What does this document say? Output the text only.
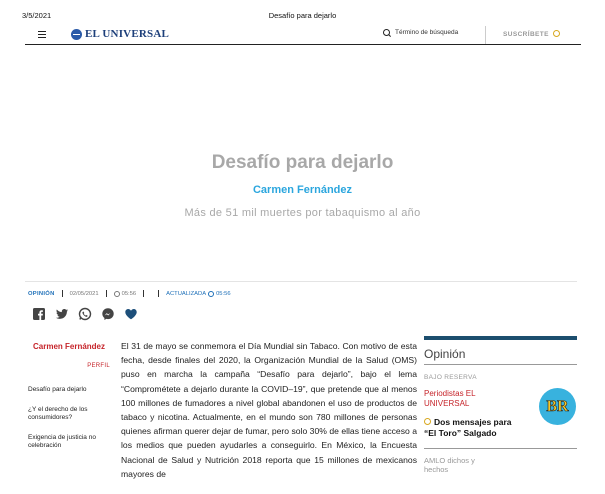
3/5/2021	Desafío para dejarlo
EL UNIVERSAL	Término de búsqueda	SUSCRÍBETE
Desafío para dejarlo
Carmen Fernández
Más de 51 mil muertes por tabaquismo al año
OPINIÓN	02/05/2021	05:56	ACTUALIZADA 05:56
Carmen Fernández
PERFIL
Desafío para dejarlo
¿Y el derecho de los consumidores?
Exigencia de justicia no celebración

El 31 de mayo se conmemora el Día Mundial sin Tabaco. Con motivo de esta fecha, desde finales del 2020, la Organización Mundial de la Salud (OMS) puso en marcha la campaña “Desafío para dejarlo”, bajo el lema “Comprométete a dejarlo durante la COVID–19”, que pretende que al menos 100 millones de fumadores a nivel global abandonen el uso de productos de tabaco y nicotina. Actualmente, en el mundo son 780 millones de personas quienes afirman querer dejar de fumar, pero solo 30% de ellas tiene acceso a los medios que pueden ayudarles a conseguirlo. En México, la Encuesta Nacional de Salud y Nutrición 2018 reporta que 15 millones de mexicanos mayores de

Opinión
BAJO RESERVA
Periodistas EL UNIVERSAL
Dos mensajes para “El Toro” Salgado
BR
AMLO dichos y hechos
